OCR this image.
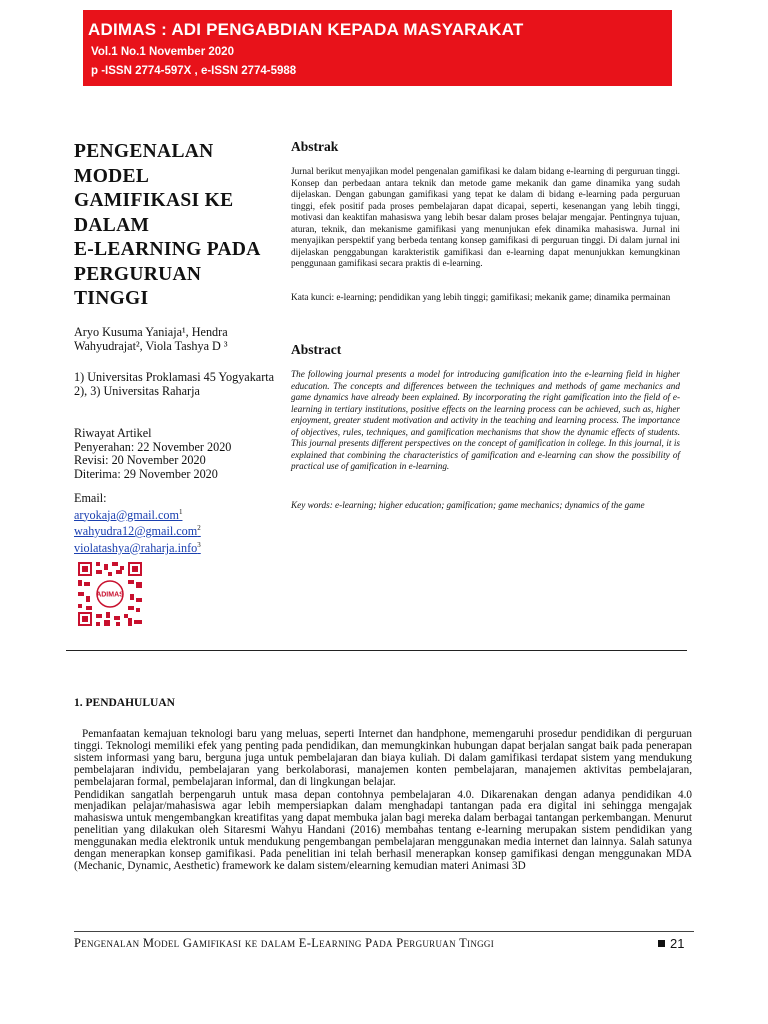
ADIMAS : ADI PENGABDIAN KEPADA MASYARAKAT
Vol.1 No.1 November 2020
p -ISSN 2774-597X , e-ISSN 2774-5988
PENGENALAN
MODEL
GAMIFIKASI KE
DALAM
E-LEARNING PADA
PERGURUAN
TINGGI
Aryo Kusuma Yaniaja¹, Hendra Wahyudrajat², Viola Tashya D ³
1) Universitas Proklamasi 45 Yogyakarta
2), 3) Universitas Raharja
Riwayat Artikel
Penyerahan: 22 November 2020
Revisi: 20 November 2020
Diterima: 29 November 2020
Email:
aryokaja@gmail.com$^1$
wahyudra12@gmail.com$^2$
violatashya@raharja.info$^3$
ADIMAS
Abstrak
Jurnal berikut menyajikan model pengenalan gamifikasi ke dalam bidang e-learning di perguruan tinggi. Konsep dan perbedaan antara teknik dan metode game mekanik dan game dinamika yang sudah dijelaskan. Dengan gabungan gamifikasi yang tepat ke dalam di bidang e-learning pada perguruan tinggi, efek positif pada proses pembelajaran dapat dicapai, seperti, kesenangan yang lebih tinggi, motivasi dan keaktifan mahasiswa yang lebih besar dalam proses belajar mengajar. Pentingnya tujuan, aturan, teknik, dan mekanisme gamifikasi yang menunjukan efek dinamika mahasiswa. Jurnal ini menyajikan perspektif yang berbeda tentang konsep gamifikasi di perguruan tinggi. Di dalam jurnal ini dijelaskan penggabungan karakteristik gamifikasi dan e-learning dapat menunjukkan kemungkinan penggunaan gamifikasi secara praktis di e-learning.
Kata kunci: e-learning; pendidikan yang lebih tinggi; gamifikasi; mekanik game; dinamika permainan
Abstract
The following journal presents a model for introducing gamification into the e-learning field in higher education. The concepts and differences between the techniques and methods of game mechanics and game dynamics have already been explained. By incorporating the right gamification into the field of e-learning in tertiary institutions, positive effects on the learning process can be achieved, such as, higher enjoyment, greater student motivation and activity in the teaching and learning process. The importance of objectives, rules, techniques, and gamification mechanisms that show the dynamic effects of students. This journal presents different perspectives on the concept of gamification in college. In this journal, it is explained that combining the characteristics of gamification and e-learning can show the possibility of practical use of gamification in e-learning.
Key words: e-learning; higher education; gamification; game mechanics; dynamics of the game
1. PENDAHULUAN

Pemanfaatan kemajuan teknologi baru yang meluas, seperti Internet dan handphone, memengaruhi prosedur pendidikan di perguruan tinggi. Teknologi memiliki efek yang penting pada pendidikan, dan memungkinkan hubungan dapat berjalan sangat baik pada penerapan sistem informasi yang baru, berguna juga untuk pembelajaran dan biaya kuliah. Di dalam gamifikasi terdapat sistem yang mendukung pembelajaran individu, pembelajaran yang berkolaborasi, manajemen konten pembelajaran, manajemen aktivitas pembelajaran, pembelajaran formal, pembelajaran informal, dan di lingkungan belajar.

Pendidikan sangatlah berpengaruh untuk masa depan contohnya pembelajaran 4.0. Dikarenakan dengan adanya pendidikan 4.0 menjadikan pelajar/mahasiswa agar lebih mempersiapkan dalam menghadapi tantangan pada era digital ini sehingga mengajak mahasiswa untuk mengembangkan kreatifitas yang dapat membuka jalan bagi mereka dalam berbagai tantangan perkembangan. Menurut penelitian yang dilakukan oleh Sitaresmi Wahyu Handani (2016) membahas tentang e-learning merupakan sistem pendidikan yang menggunakan media elektronik untuk mendukung pengembangan pembelajaran menggunakan media internet dan lainnya. Salah satunya dengan menerapkan konsep gamifikasi. Pada penelitian ini telah berhasil menerapkan konsep gamifikasi dengan menggunakan MDA (Mechanic, Dynamic, Aesthetic) framework ke dalam sistem/elearning kemudian materi Animasi 3D

Pengenalan Model Gamifikasi ke dalam E-Learning Pada Perguruan Tinggi	21
